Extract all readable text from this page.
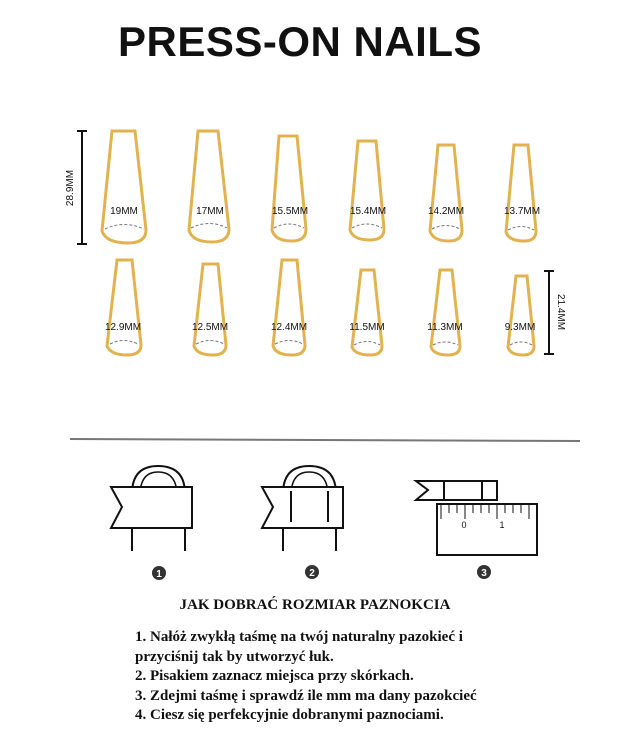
PRESS-ON NAILS
28.9MM
21.4MM
19MM	17MM	15.5MM	15.4MM	14.2MM	13.7MM
12.9MM	12.5MM	12.4MM	11.5MM	11.3MM	9.3MM
1	2
0	1
3
JAK DOBRAĆ ROZMIAR PAZNOKCIA
1. Nałóż zwykłą taśmę na twój naturalny pazokieć i
przyciśnij tak by utworzyć łuk.
2. Pisakiem zaznacz miejsca przy skórkach.
3. Zdejmi taśmę i sprawdź ile mm ma dany pazokcieć
4. Ciesz się perfekcyjnie dobranymi paznociami.
